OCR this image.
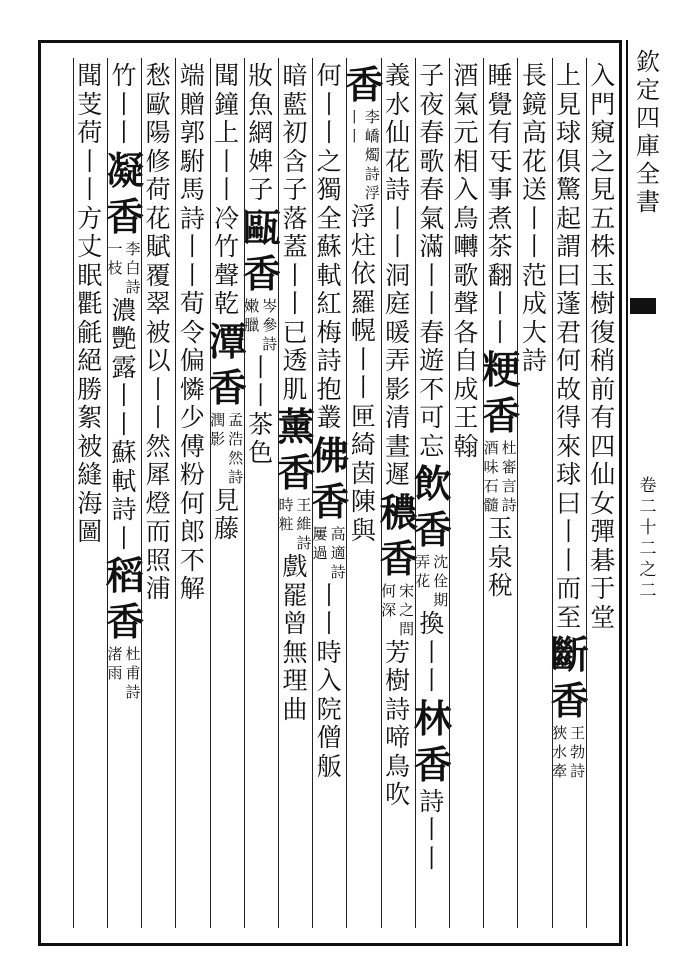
欽
定
四
庫
全
書
卷
二
十
二
之
二
入
門
窺
之
見
五
株
玉
樹
復
稍
前
有
四
仙
女
彈
碁
于
堂
上
見
球
俱
驚
起
謂
曰
蓬
君
何
故
得
來
球
曰
丨
丨
而
至
斷
香
王
勃
詩
狹
水
牽
長
鏡
高
花
送
丨
丨
范
成
大
詩
睡
覺
有
㸦
事
煮
茶
翻
丨
丨
粳
香
杜
審
言
詩
酒
味
石
髓
玉
泉
稅
酒
氣
元
相
入
鳥
囀
歌
聲
各
自
成
王
翰
子
夜
春
歌
春
氣
滿
丨
丨
春
遊
不
可
忘
飲
香
沈
佺
期
弄
花
換
丨
丨
林
香
詩
丨
丨
義
水
仙
花
詩
丨
丨
洞
庭
暖
弄
影
清
晝
遲
穠
香
宋
之
問
何
深
芳
樹
詩
啼
鳥
吹
香
李
嶠
燭
詩
浮
丨
丨
浮
炷
依
羅
幌
丨
丨
匣
綺
茵
陳
與
何
丨
丨
之
獨
全
蘇
軾
紅
梅
詩
抱
叢
佛
香
高
適
詩
屢
過
丨
丨
時
入
院
僧
舨
暗
藍
初
含
子
落
蓋
丨
丨
已
透
肌
薰
香
王
維
詩
時
粧
戲
罷
曾
無
理
曲
妝
魚
網
婢
子
甌
香
岑
參
詩
嫩
臘
丨
丨
茶
色
聞
鐘
上
丨
丨
冷
竹
聲
乾
潭
香
孟
浩
然
詩
潤
影
見
藤
端
贈
郭
駙
馬
詩
丨
丨
荀
令
偏
憐
少
傅
粉
何
郎
不
解
愁
歐
陽
修
荷
花
賦
覆
翠
被
以
丨
丨
然
犀
燈
而
照
浦
竹
丨
丨
凝
香
李
白
詩
一
枝
濃
艷
露
丨
丨
蘇
軾
詩
丨
稻
香
杜
甫
詩
渚
雨
聞
芰
荷
丨
丨
方
丈
眠
氍
毹
絕
勝
絮
被
縫
海
圖
